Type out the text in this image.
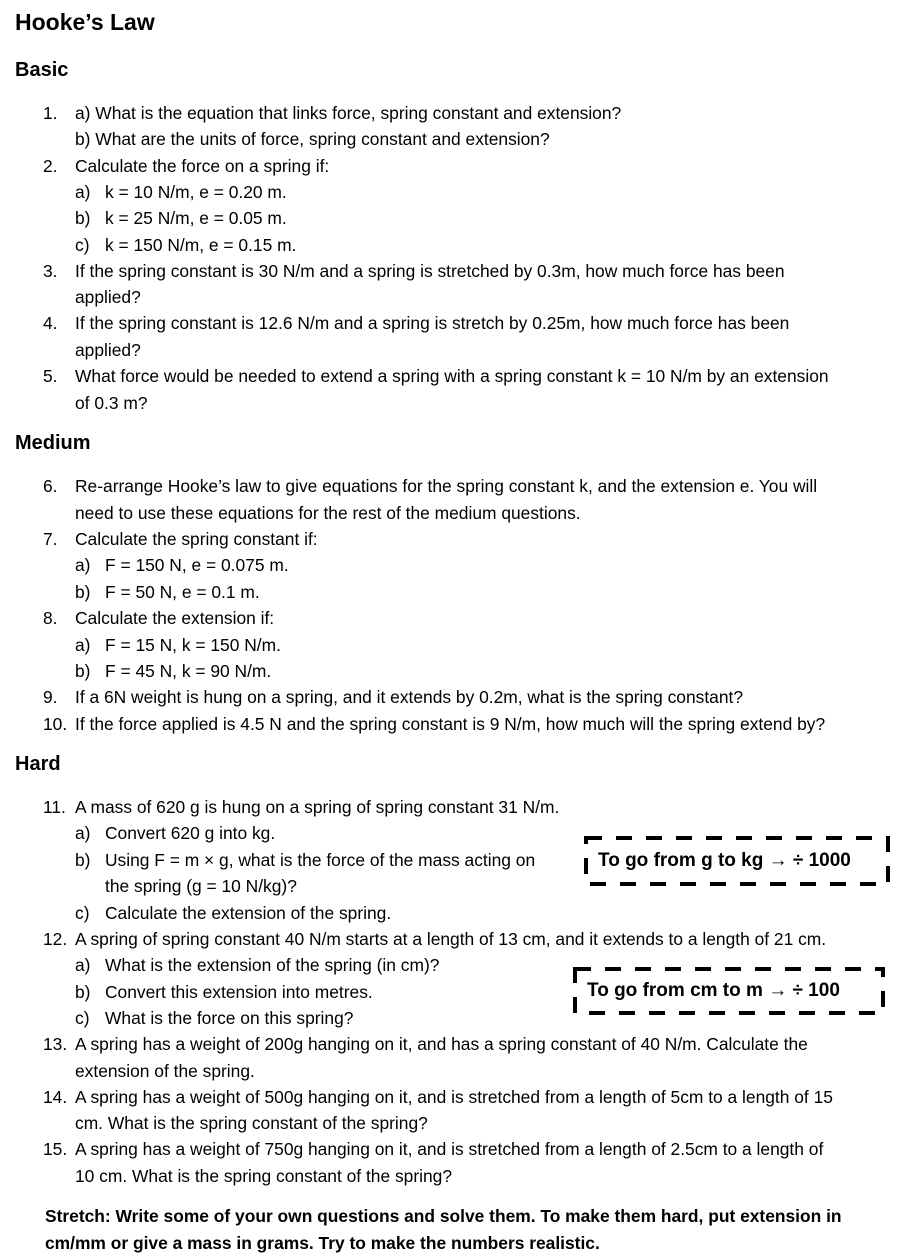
Hooke’s Law
Basic
1.	a) What is the equation that links force, spring constant and extension?
b) What are the units of force, spring constant and extension?
2.	Calculate the force on a spring if:
a) k = 10 N/m, e = 0.20 m.
b) k = 25 N/m, e = 0.05 m.
c) k = 150 N/m, e = 0.15 m.
3.	If the spring constant is 30 N/m and a spring is stretched by 0.3m, how much force has been
applied?
4.	If the spring constant is 12.6 N/m and a spring is stretch by 0.25m, how much force has been
applied?
5.	What force would be needed to extend a spring with a spring constant k = 10 N/m by an extension
of 0.3 m?
Medium
6.	Re-arrange Hooke’s law to give equations for the spring constant k, and the extension e. You will
need to use these equations for the rest of the medium questions.
7.	Calculate the spring constant if:
a) F = 150 N, e = 0.075 m.
b) F = 50 N, e = 0.1 m.
8.	Calculate the extension if:
a) F = 15 N, k = 150 N/m.
b) F = 45 N, k = 90 N/m.
9.	If a 6N weight is hung on a spring, and it extends by 0.2m, what is the spring constant?
10. If the force applied is 4.5 N and the spring constant is 9 N/m, how much will the spring extend by?
Hard
11. A mass of 620 g is hung on a spring of spring constant 31 N/m.
a) Convert 620 g into kg.
b) Using F = m × g, what is the force of the mass acting on
the spring (g = 10 N/kg)?
c) Calculate the extension of the spring.
To go from g to kg → ÷ 1000
12. A spring of spring constant 40 N/m starts at a length of 13 cm, and it extends to a length of 21 cm.
a) What is the extension of the spring (in cm)?
b) Convert this extension into metres.
c) What is the force on this spring?
To go from cm to m → ÷ 100
13. A spring has a weight of 200g hanging on it, and has a spring constant of 40 N/m. Calculate the
extension of the spring.
14. A spring has a weight of 500g hanging on it, and is stretched from a length of 5cm to a length of 15
cm. What is the spring constant of the spring?
15. A spring has a weight of 750g hanging on it, and is stretched from a length of 2.5cm to a length of
10 cm. What is the spring constant of the spring?
Stretch: Write some of your own questions and solve them. To make them hard, put extension in
cm/mm or give a mass in grams. Try to make the numbers realistic.
